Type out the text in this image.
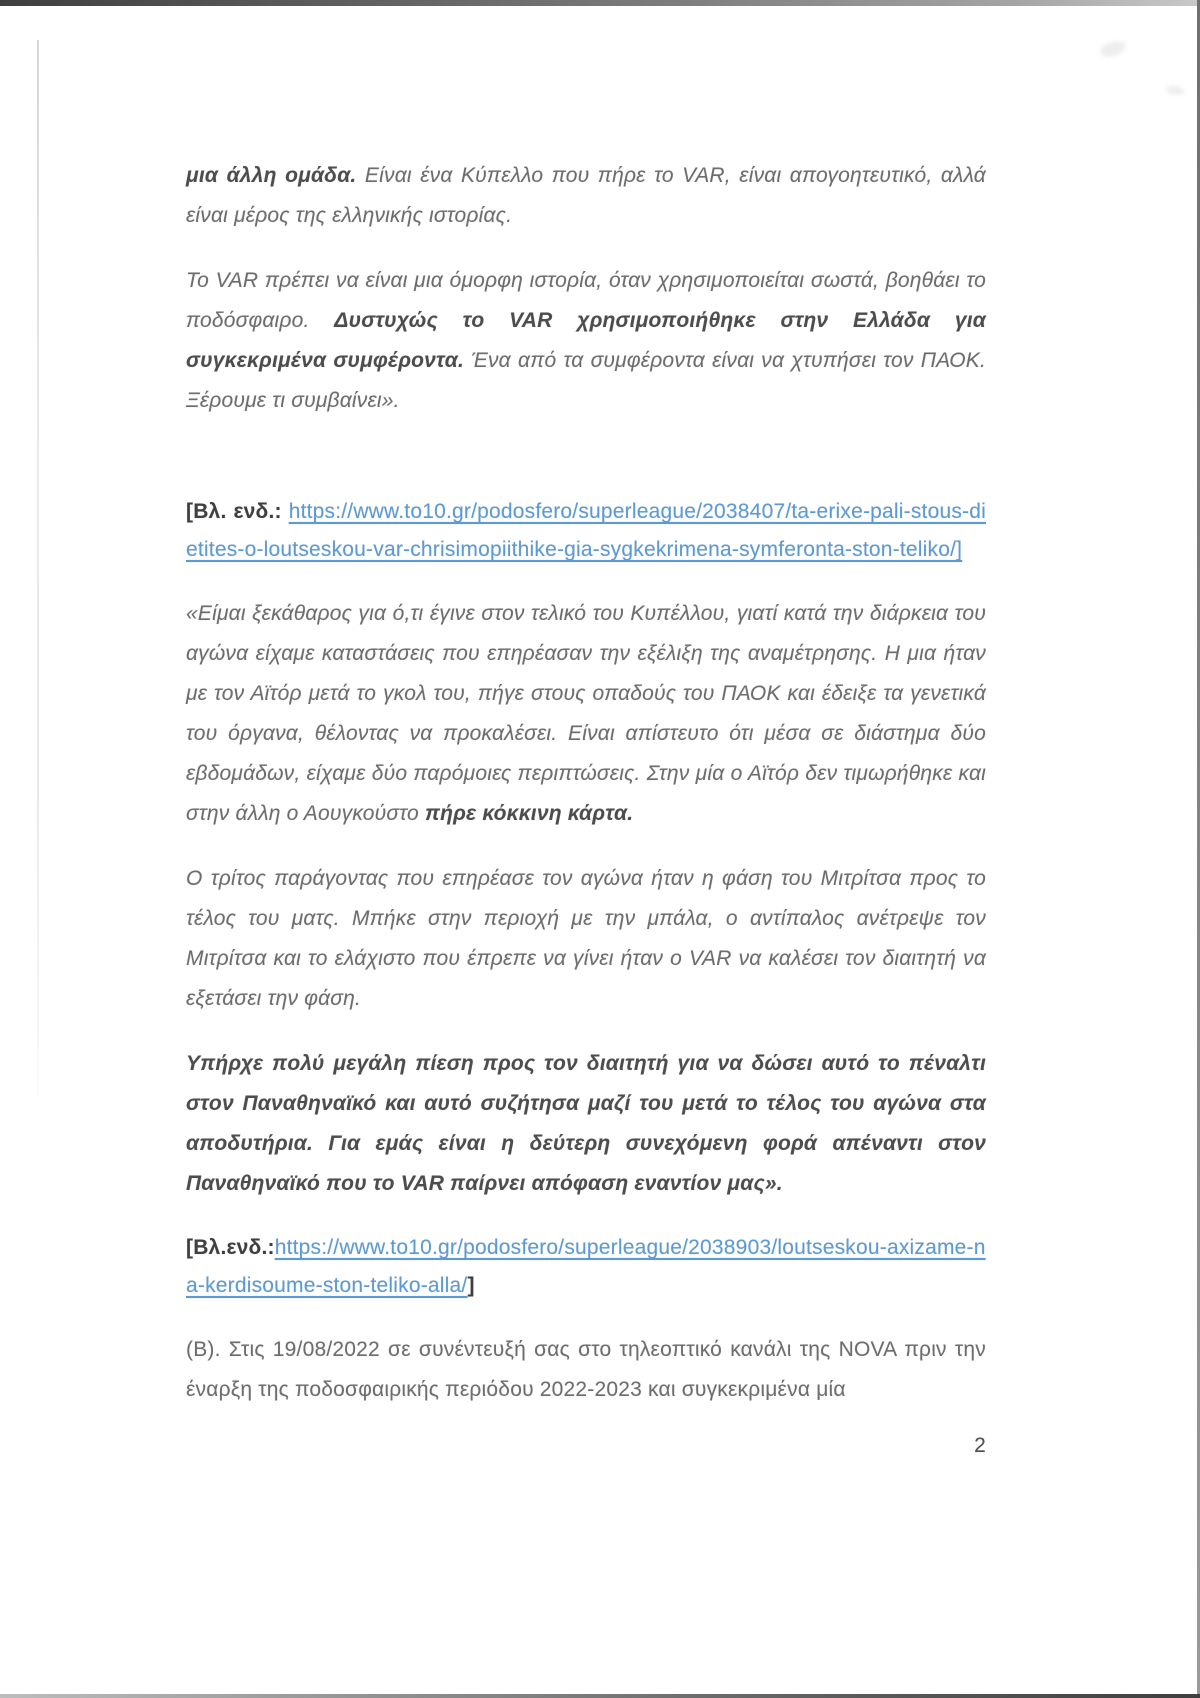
μια άλλη ομάδα. Είναι ένα Κύπελλο που πήρε το VAR, είναι απογοητευτικό, αλλά είναι μέρος της ελληνικής ιστορίας.

Το VAR πρέπει να είναι μια όμορφη ιστορία, όταν χρησιμοποιείται σωστά, βοηθάει το ποδόσφαιρο. Δυστυχώς το VAR χρησιμοποιήθηκε στην Ελλάδα για συγκεκριμένα συμφέροντα. Ένα από τα συμφέροντα είναι να χτυπήσει τον ΠΑΟΚ. Ξέρουμε τι συμβαίνει».

[Βλ. ενδ.: https://www.to10.gr/podosfero/superleague/2038407/ta-erixe-pali-stous-dietites-o-loutseskou-var-chrisimopiithike-gia-sygkekrimena-symferonta-ston-teliko/]

«Είμαι ξεκάθαρος για ό,τι έγινε στον τελικό του Κυπέλλου, γιατί κατά την διάρκεια του αγώνα είχαμε καταστάσεις που επηρέασαν την εξέλιξη της αναμέτρησης. Η μια ήταν με τον Αϊτόρ μετά το γκολ του, πήγε στους οπαδούς του ΠΑΟΚ και έδειξε τα γενετικά του όργανα, θέλοντας να προκαλέσει. Είναι απίστευτο ότι μέσα σε διάστημα δύο εβδομάδων, είχαμε δύο παρόμοιες περιπτώσεις. Στην μία ο Αϊτόρ δεν τιμωρήθηκε και στην άλλη ο Αουγκούστο πήρε κόκκινη κάρτα.

Ο τρίτος παράγοντας που επηρέασε τον αγώνα ήταν η φάση του Μιτρίτσα προς το τέλος του ματς. Μπήκε στην περιοχή με την μπάλα, ο αντίπαλος ανέτρεψε τον Μιτρίτσα και το ελάχιστο που έπρεπε να γίνει ήταν ο VAR να καλέσει τον διαιτητή να εξετάσει την φάση.

Υπήρχε πολύ μεγάλη πίεση προς τον διαιτητή για να δώσει αυτό το πέναλτι στον Παναθηναϊκό και αυτό συζήτησα μαζί του μετά το τέλος του αγώνα στα αποδυτήρια. Για εμάς είναι η δεύτερη συνεχόμενη φορά απέναντι στον Παναθηναϊκό που το VAR παίρνει απόφαση εναντίον μας».

[Βλ.ενδ.:https://www.to10.gr/podosfero/superleague/2038903/loutseskou-axizame-na-kerdisoume-ston-teliko-alla/]

(Β). Στις 19/08/2022 σε συνέντευξή σας στο τηλεοπτικό κανάλι της NOVA πριν την έναρξη της ποδοσφαιρικής περιόδου 2022-2023 και συγκεκριμένα μία

2
